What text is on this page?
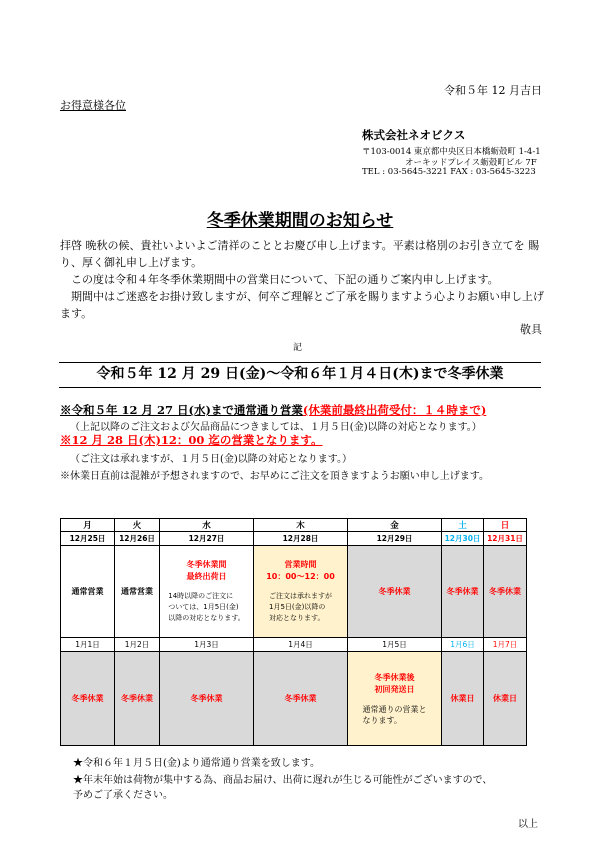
令和５年 12 月吉日
お得意様各位
株式会社ネオビクス
〒103-0014 東京都中央区日本橋蛎殻町 1-4-1
オーキッドプレイス蛎殻町ビル 7F
TEL : 03-5645-3221 FAX : 03-5645-3223
冬季休業期間のお知らせ
拝啓 晩秋の候、貴社いよいよご清祥のこととお慶び申し上げます。平素は格別のお引き立てを 賜り、厚く御礼申し上げます。
この度は令和４年冬季休業期間中の営業日について、下記の通りご案内申し上げます。
期間中はご迷惑をお掛け致しますが、何卒ご理解とご了承を賜りますよう心よりお願い申し上げます。
敬具
記
令和５年 12 月 29 日(金)～令和６年１月４日(木)まで冬季休業
※令和５年 12 月 27 日(水)まで通常通り営業(休業前最終出荷受付：１４時まで)
（上記以降のご注文および欠品商品につきましては、１月５日(金)以降の対応となります。）
※12 月 28 日(木)12：00 迄の営業となります。
（ご注文は承れますが、１月５日(金)以降の対応となります。）
※休業日直前は混雑が予想されますので、お早めにご注文を頂きますようお願い申し上げます。
月	火	水	木	金	土	日
12月25日	12月26日	12月27日	12月28日	12月29日	12月30日	12月31日
通常営業	通常営業	冬季休業間
最終出荷日
14時以降のご注文に
ついては、1月5日(金)
以降の対応となります。	営業時間
10：00～12：00
ご注文は承れますが
1月5日(金)以降の
対応となります。	冬季休業	冬季休業	冬季休業
1月1日	1月2日	1月3日	1月4日	1月5日	1月6日	1月7日
冬季休業	冬季休業	冬季休業	冬季休業	冬季休業後
初回発送日
通常通りの営業と
なります。	休業日	休業日
★令和６年１月５日(金)より通常通り営業を致します。
★年末年始は荷物が集中する為、商品お届け、出荷に遅れが生じる可能性がございますので、
予めご了承ください。
以上
